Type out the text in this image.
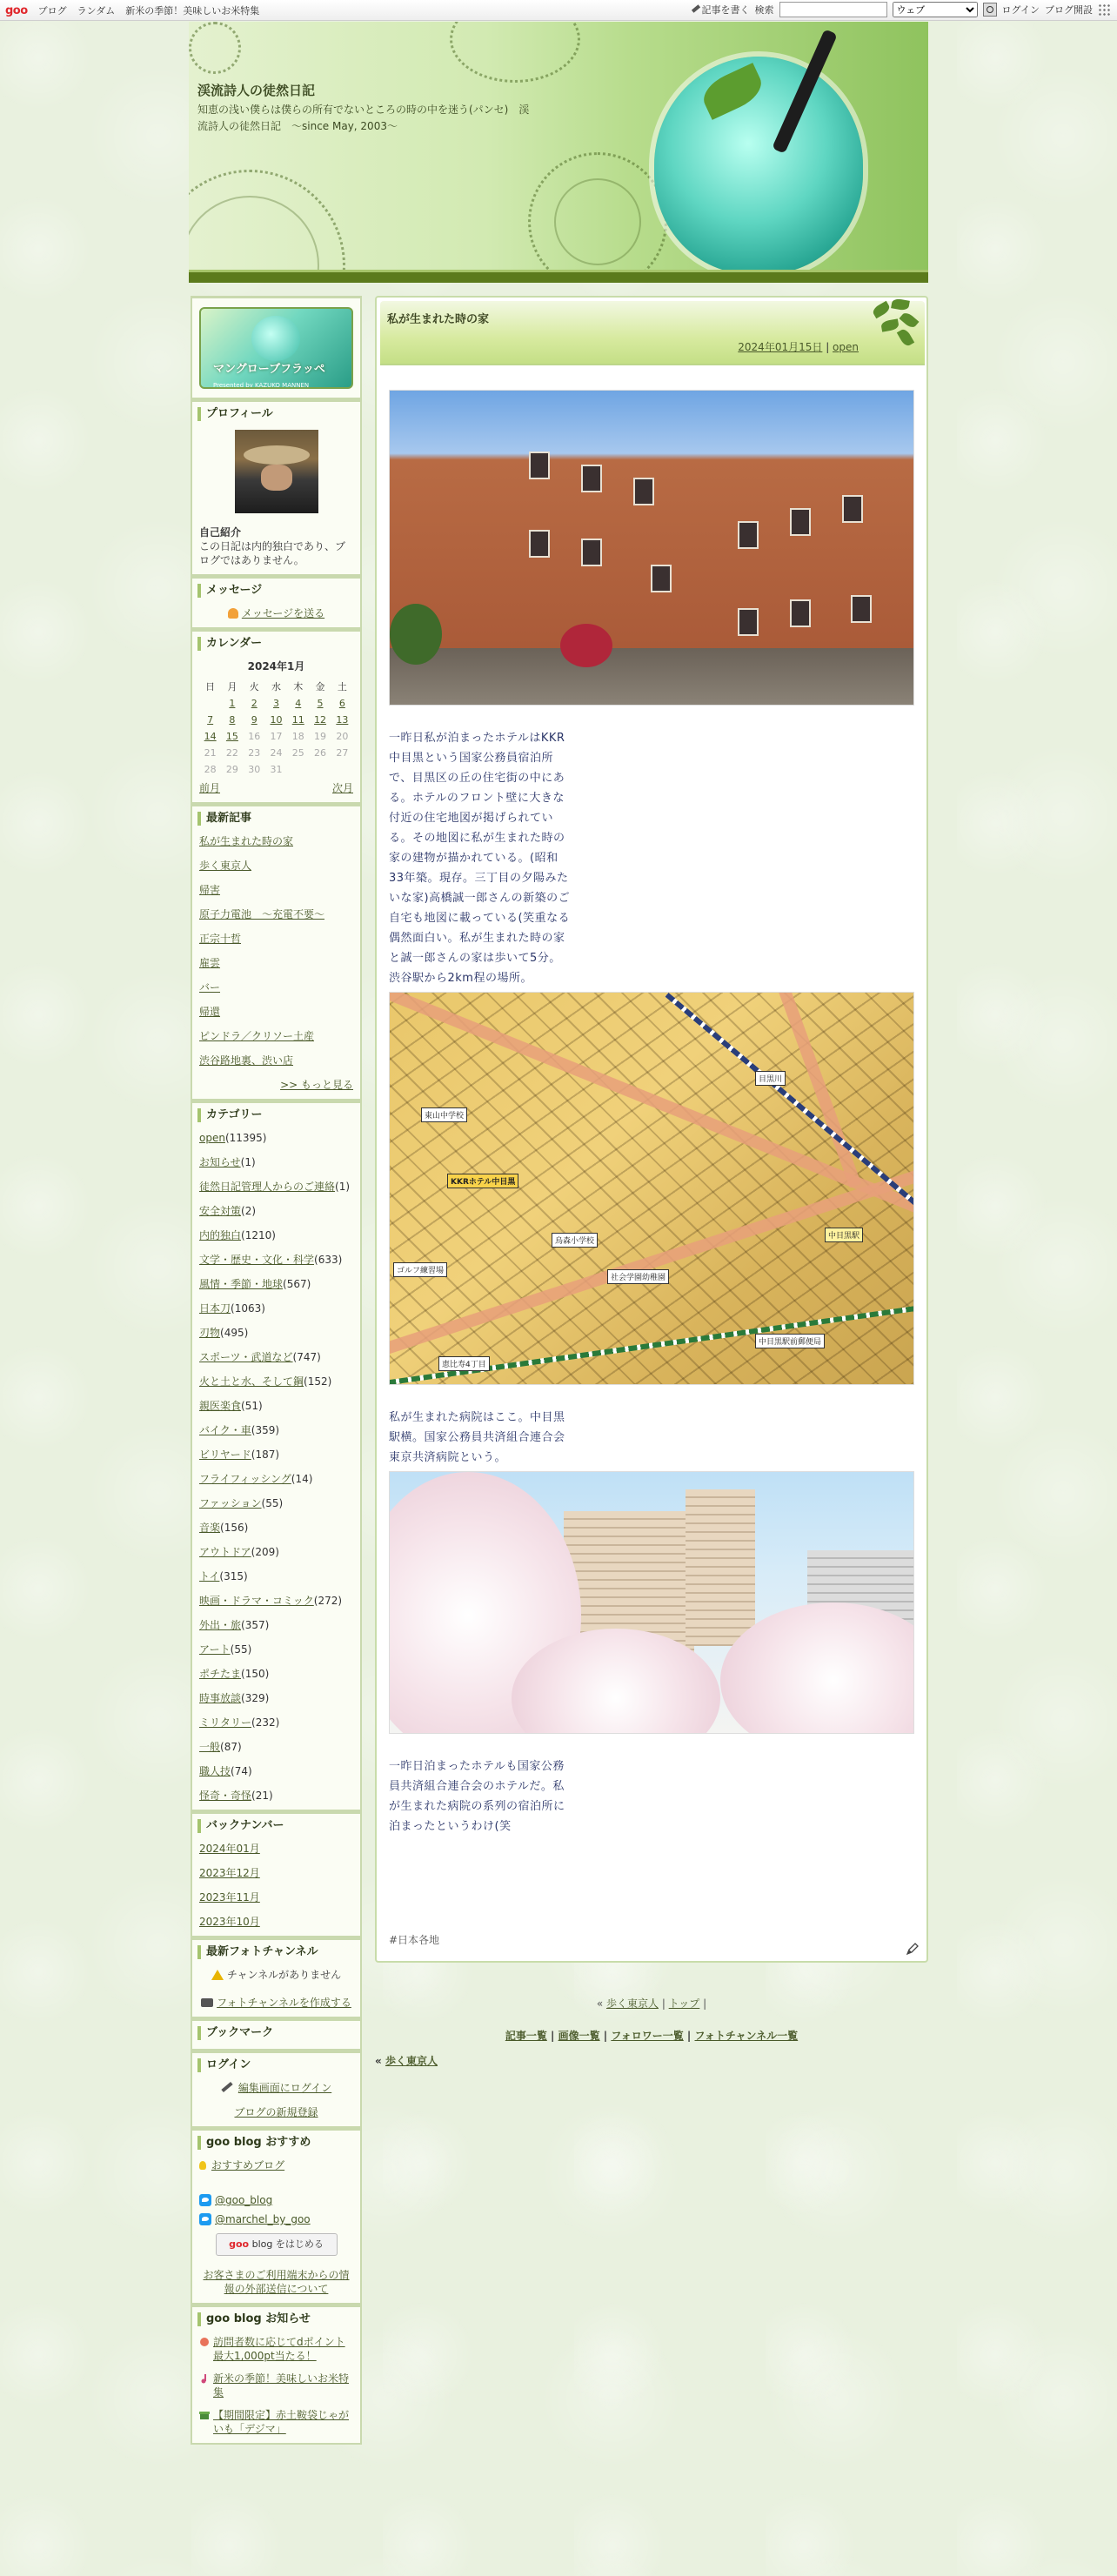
goo ブログ ランダム 新米の季節！美味しいお米特集	記事を書く 検索
ウェブ	ログイン ブログ開設
渓流詩人の徒然日記
知恵の浅い僕らは僕らの所有でないところの時の中を迷う(パンセ)　渓流詩人の徒然日記　～since May, 2003～
マングローブフラッペ
Presented by KAZUKO MANNEN
プロフィール
自己紹介
この日記は内的独白であり、ブログではありません。
メッセージ
メッセージを送る
カレンダー
2024年1月
日	月	火	水	木	金	土
	1	2	3	4	5	6
7	8	9	10	11	12	13
14	15	16	17	18	19	20
21	22	23	24	25	26	27
28	29	30	31			
前月	次月
最新記事
私が生まれた時の家
歩く東京人
帰害
原子力電池　～充電不要～
正宗十哲
雇雲
バー
帰還
ピンドラ／クリソー土産
渋谷路地裏、渋い店
>> もっと見る
カテゴリー
open(11395)
お知らせ(1)
徒然日記管理人からのご連絡(1)
安全対策(2)
内的独白(1210)
文学・歴史・文化・科学(633)
風情・季節・地球(567)
日本刀(1063)
刃物(495)
スポーツ・武道など(747)
火と土と水、そして鋼(152)
親医楽食(51)
バイク・車(359)
ビリヤード(187)
フライフィッシング(14)
ファッション(55)
音楽(156)
アウトドア(209)
トイ(315)
映画・ドラマ・コミック(272)
外出・旅(357)
アート(55)
ポチたま(150)
時事放談(329)
ミリタリー(232)
一般(87)
職人技(74)
怪奇・奇怪(21)
バックナンバー
2024年01月
2023年12月
2023年11月
2023年10月
最新フォトチャンネル
チャンネルがありません
フォトチャンネルを作成する
ブックマーク
ログイン
編集画面にログイン
ブログの新規登録
goo blog おすすめ
おすすめブログ
@goo_blog
@marchel_by_goo
goo blog をはじめる
お客さまのご利用端末からの情報の外部送信について
goo blog お知らせ
訪問者数に応じてdポイント最大1,000pt当たる！
新米の季節！美味しいお米特集
【期間限定】赤土鞍袋じゃがいも「デジマ」
私が生まれた時の家
2024年01月15日 | open
一昨日私が泊まったホテルはKKR中目黒という国家公務員宿泊所で、目黒区の丘の住宅街の中にある。ホテルのフロント壁に大きな付近の住宅地図が掲げられている。その地図に私が生まれた時の家の建物が描かれている。(昭和33年築。現存。三丁目の夕陽みたいな家)高橋誠一郎さんの新築のご自宅も地図に載っている(笑重なる偶然面白い。私が生まれた時の家と誠一郎さんの家は歩いて5分。渋谷駅から2km程の場所。
KKRホテル中目黒
東山中学校
目黒川
中目黒駅
ゴルフ練習場
烏森小学校
社会学園幼稚園
恵比寿4丁目
中目黒駅前郵便局
私が生まれた病院はここ。中目黒駅横。国家公務員共済組合連合会東京共済病院という。
一昨日泊まったホテルも国家公務員共済組合連合会のホテルだ。私が生まれた病院の系列の宿泊所に泊まったというわけ(笑
#日本各地
« 歩く東京人 | トップ |
記事一覧 | 画像一覧 | フォロワー一覧 | フォトチャンネル一覧
« 歩く東京人
